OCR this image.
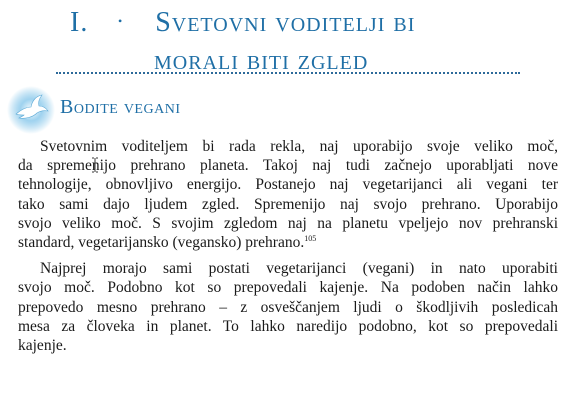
I.	• Svetovni voditelji bi
morali biti zgled
Bodite vegani
Svetovnim voditeljem bi rada rekla, naj uporabijo svoje veliko moč,
da spremenijo prehrano planeta. Takoj naj tudi začnejo uporabljati nove
tehnologije, obnovljivo energijo. Postanejo naj vegetarijanci ali vegani ter
tako sami dajo ljudem zgled. Spremenijo naj svojo prehrano. Uporabijo
svojo veliko moč. S svojim zgledom naj na planetu vpeljejo nov prehranski
standard, vegetarijansko (vegansko) prehrano.$^{105}$
Najprej morajo sami postati vegetarijanci (vegani) in nato uporabiti
svojo moč. Podobno kot so prepovedali kajenje. Na podoben način lahko
prepovedo mesno prehrano – z osveščanjem ljudi o škodljivih posledicah
mesa za človeka in planet. To lahko naredijo podobno, kot so prepovedali
kajenje.
